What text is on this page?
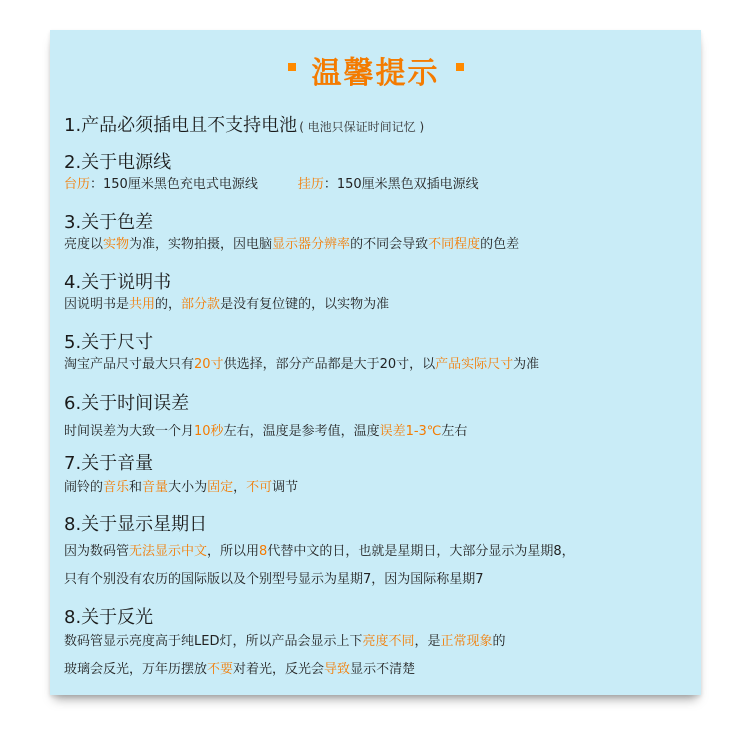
温馨提示
1.产品必须插电且不支持电池 ( 电池只保证时间记忆 )
2.关于电源线
台历：150厘米黑色充电式电源线	挂历：150厘米黑色双插电源线
3.关于色差
亮度以实物为准，实物拍摄，因电脑显示器分辨率的不同会导致不同程度的色差
4.关于说明书
因说明书是共用的，部分款是没有复位键的，以实物为准
5.关于尺寸
淘宝产品尺寸最大只有20寸供选择，部分产品都是大于20寸，以产品实际尺寸为准
6.关于时间误差
时间误差为大致一个月10秒左右，温度是参考值，温度误差1-3℃左右
7.关于音量
闹铃的音乐和音量大小为固定，不可调节
8.关于显示星期日
因为数码管无法显示中文，所以用8代替中文的日，也就是星期日，大部分显示为星期8，
只有个别没有农历的国际版以及个别型号显示为星期7，因为国际称星期7
8.关于反光
数码管显示亮度高于纯LED灯，所以产品会显示上下亮度不同，是正常现象的
玻璃会反光，万年历摆放不要对着光，反光会导致显示不清楚
